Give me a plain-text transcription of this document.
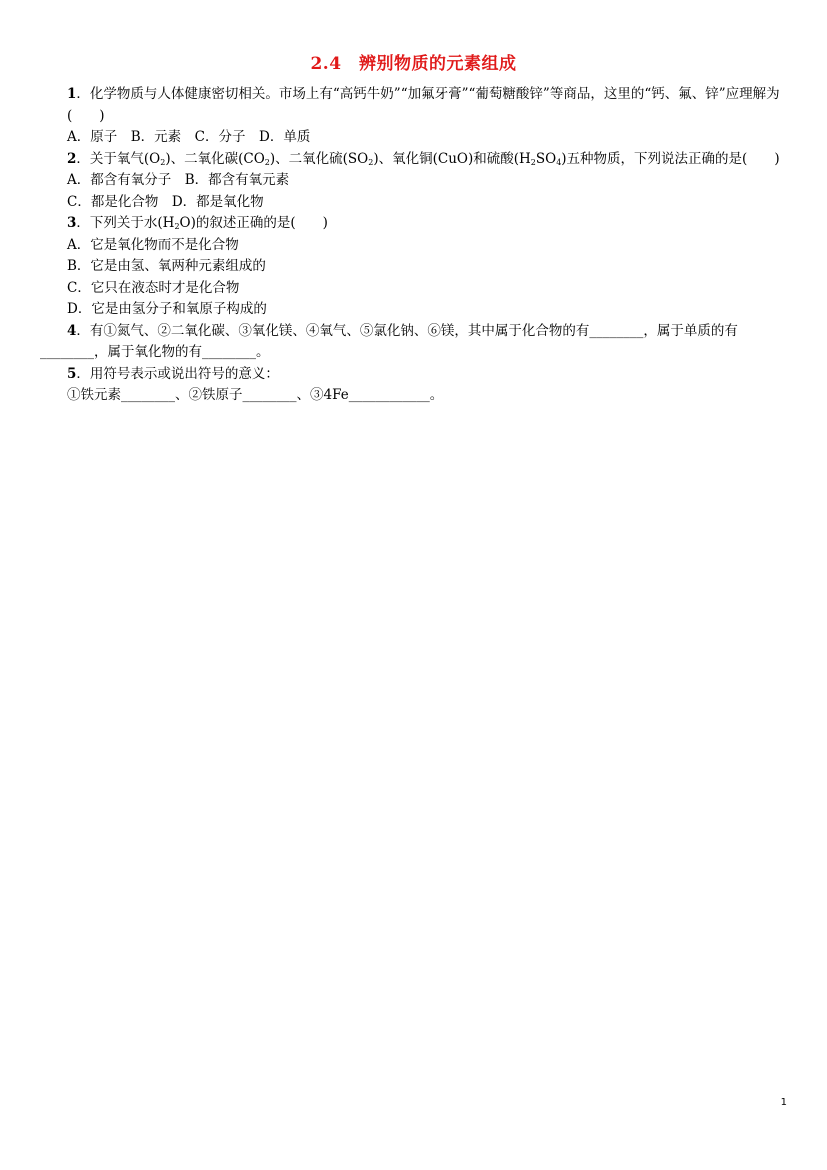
2.4　辨别物质的元素组成
1．化学物质与人体健康密切相关。市场上有“高钙牛奶”“加氟牙膏”“葡萄糖酸锌”等商品，这里的“钙、氟、锌”应理解为(　　)
A．原子　B．元素　C．分子　D．单质
2．关于氧气$(O_2)$、二氧化碳$(CO_2)$、二氧化硫$(SO_2)$、氧化铜(CuO)和硫酸$(H_2SO_4)$五种物质，下列说法正确的是(　　)
A．都含有氧分子　B．都含有氧元素
C．都是化合物　D．都是氧化物
3．下列关于水$(H_2O)$的叙述正确的是(　　)
A．它是氧化物而不是化合物
B．它是由氢、氧两种元素组成的
C．它只在液态时才是化合物
D．它是由氢分子和氧原子构成的
4．有①氮气、②二氧化碳、③氧化镁、④氧气、⑤氯化钠、⑥镁，其中属于化合物的有________，属于单质的有
________，属于氧化物的有________。
5．用符号表示或说出符号的意义：
①铁元素________、②铁原子________、③4Fe____________。
1
